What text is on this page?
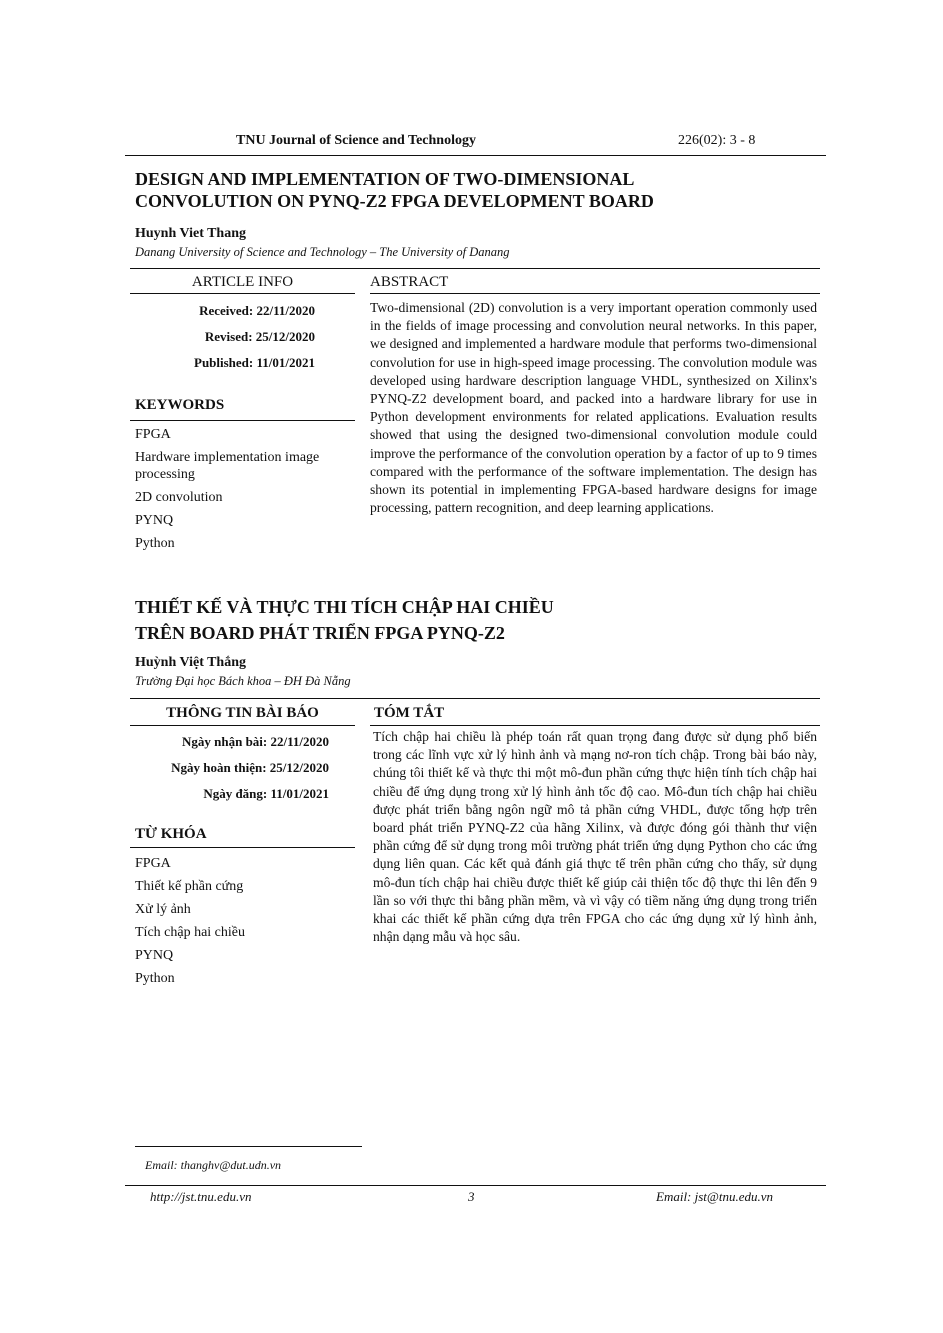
TNU Journal of Science and Technology	226(02): 3 - 8
DESIGN AND IMPLEMENTATION OF TWO-DIMENSIONAL
CONVOLUTION ON PYNQ-Z2 FPGA DEVELOPMENT BOARD
Huynh Viet Thang
Danang University of Science and Technology – The University of Danang
ARTICLE INFO	ABSTRACT
Received: 22/11/2020
Revised: 25/12/2020
Published: 11/01/2021
KEYWORDS
FPGA
Hardware implementation image processing
2D convolution
PYNQ
Python
Two-dimensional (2D) convolution is a very important operation commonly used in the fields of image processing and convolution neural networks. In this paper, we designed and implemented a hardware module that performs two-dimensional convolution for use in high-speed image processing. The convolution module was developed using hardware description language VHDL, synthesized on Xilinx's PYNQ-Z2 development board, and packed into a hardware library for use in Python development environments for related applications. Evaluation results showed that using the designed two-dimensional convolution module could improve the performance of the convolution operation by a factor of up to 9 times compared with the performance of the software implementation. The design has shown its potential in implementing FPGA-based hardware designs for image processing, pattern recognition, and deep learning applications.
THIẾT KẾ VÀ THỰC THI TÍCH CHẬP HAI CHIỀU
TRÊN BOARD PHÁT TRIỂN FPGA PYNQ-Z2
Huỳnh Việt Thắng
Trường Đại học Bách khoa – ĐH Đà Nẵng
THÔNG TIN BÀI BÁO	TÓM TẮT
Ngày nhận bài: 22/11/2020
Ngày hoàn thiện: 25/12/2020
Ngày đăng: 11/01/2021
TỪ KHÓA
FPGA
Thiết kế phần cứng
Xử lý ảnh
Tích chập hai chiều
PYNQ
Python
Tích chập hai chiều là phép toán rất quan trọng đang được sử dụng phổ biến trong các lĩnh vực xử lý hình ảnh và mạng nơ-ron tích chập. Trong bài báo này, chúng tôi thiết kế và thực thi một mô-đun phần cứng thực hiện tính tích chập hai chiều để ứng dụng trong xử lý hình ảnh tốc độ cao. Mô-đun tích chập hai chiều được phát triển bằng ngôn ngữ mô tả phần cứng VHDL, được tổng hợp trên board phát triển PYNQ-Z2 của hãng Xilinx, và được đóng gói thành thư viện phần cứng để sử dụng trong môi trường phát triển ứng dụng Python cho các ứng dụng liên quan. Các kết quả đánh giá thực tế trên phần cứng cho thấy, sử dụng mô-đun tích chập hai chiều được thiết kế giúp cải thiện tốc độ thực thi lên đến 9 lần so với thực thi bằng phần mềm, và vì vậy có tiềm năng ứng dụng trong triển khai các thiết kế phần cứng dựa trên FPGA cho các ứng dụng xử lý hình ảnh, nhận dạng mẫu và học sâu.
Email: thanghv@dut.udn.vn
http://jst.tnu.edu.vn	3	Email: jst@tnu.edu.vn
